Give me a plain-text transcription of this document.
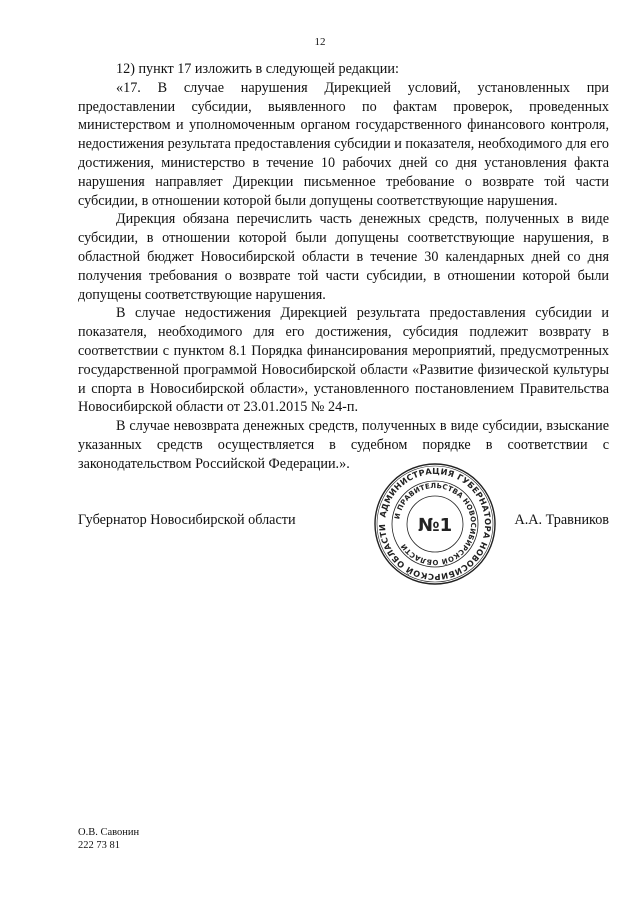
12

12) пункт 17 изложить в следующей редакции:

«17. В случае нарушения Дирекцией условий, установленных при предоставлении субсидии, выявленного по фактам проверок, проведенных министерством и уполномоченным органом государственного финансового контроля, недостижения результата предоставления субсидии и показателя, необходимого для его достижения, министерство в течение 10 рабочих дней со дня установления факта нарушения направляет Дирекции письменное требование о возврате той части субсидии, в отношении которой были допущены соответствующие нарушения.

Дирекция обязана перечислить часть денежных средств, полученных в виде субсидии, в отношении которой были допущены соответствующие нарушения, в областной бюджет Новосибирской области в течение 30 календарных дней со дня получения требования о возврате той части субсидии, в отношении которой были допущены соответствующие нарушения.

В случае недостижения Дирекцией результата предоставления субсидии и показателя, необходимого для его достижения, субсидия подлежит возврату в соответствии с пунктом 8.1 Порядка финансирования мероприятий, предусмотренных государственной программой Новосибирской области «Развитие физической культуры и спорта в Новосибирской области», установленного постановлением Правительства Новосибирской области от 23.01.2015 № 24-п.

В случае невозврата денежных средств, полученных в виде субсидии, взыскание указанных средств осуществляется в судебном порядке в соответствии с законодательством Российской Федерации.».

Губернатор Новосибирской области	А.А. Травников
АДМИНИСТРАЦИЯ ГУБЕРНАТОРА НОВОСИБИРСКОЙ ОБЛАСТИ
И ПРАВИТЕЛЬСТВА НОВОСИБИРСКОЙ ОБЛАСТИ
№1
О.В. Савонин
222 73 81
